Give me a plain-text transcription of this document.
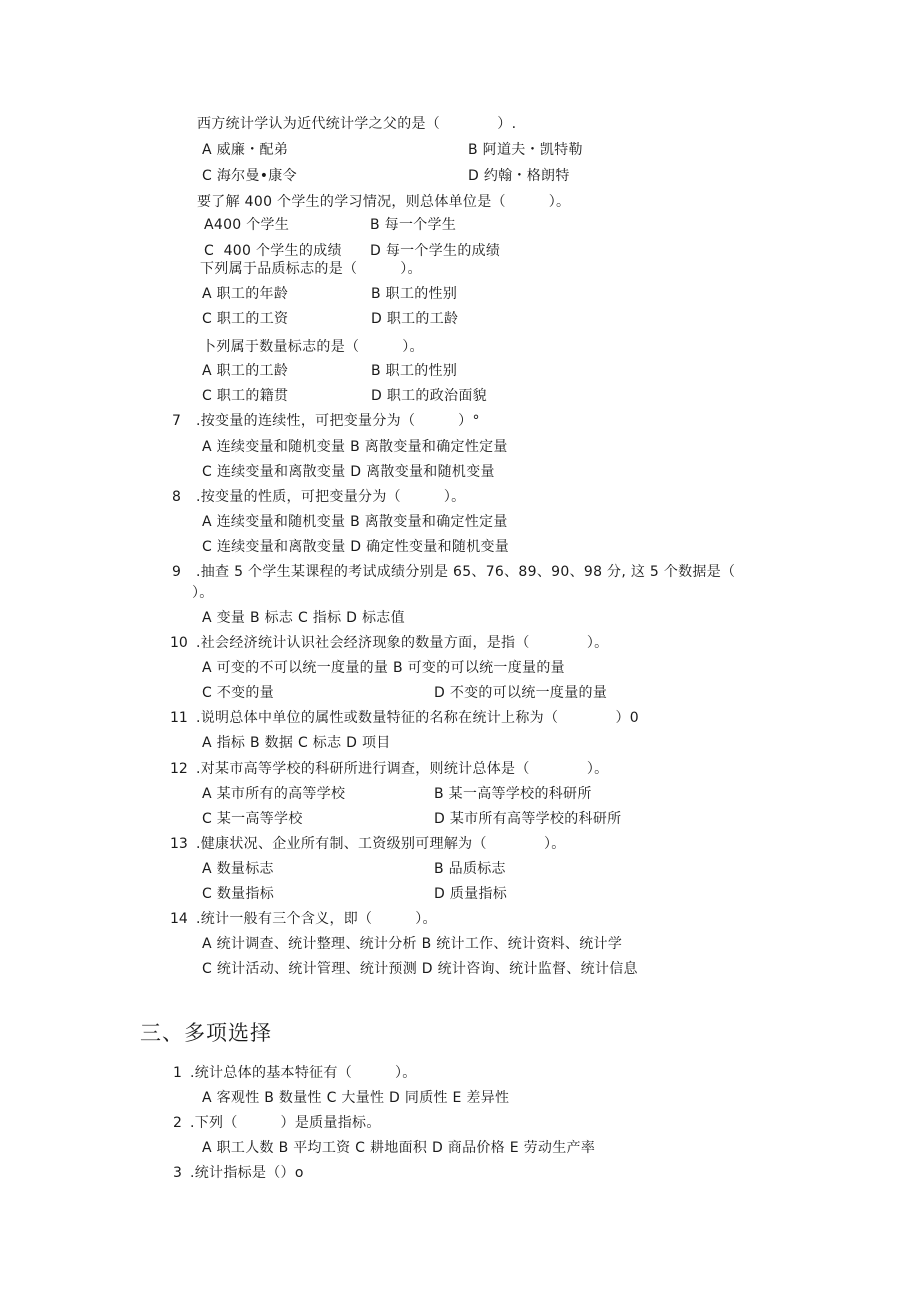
西方统计学认为近代统计学之父的是（　　　　）.
A 威廉・配弟	B 阿道夫・凯特勒
C 海尔曼•康令	D 约翰・格朗特
要了解 400 个学生的学习情况，则总体单位是（　　　）。
A400 个学生	B 每一个学生
C  400 个学生的成绩 D 每一个学生的成绩
下列属于品质标志的是（　　　）。
A 职工的年龄	B 职工的性别
C 职工的工资	D 职工的工龄
卜列属于数量标志的是（　　　）。
A 职工的工龄	B 职工的性别
C 职工的籍贯	D 职工的政治面貌
7 .按变量的连续性，可把变量分为（　　　）°
A 连续变量和随机变量 B 离散变量和确定性定量
C 连续变量和离散变量 D 离散变量和随机变量
8 .按变量的性质，可把变量分为（　　　）。
A 连续变量和随机变量 B 离散变量和确定性定量
C 连续变量和离散变量 D 确定性变量和随机变量
9 .抽查 5 个学生某课程的考试成绩分别是 65、76、89、90、98 分, 这 5 个数据是（
）。
A 变量 B 标志 C 指标 D 标志值
10 .社会经济统计认识社会经济现象的数量方面，是指（　　　　）。
A 可变的不可以统一度量的量 B 可变的可以统一度量的量
C 不变的量	D 不变的可以统一度量的量
11 .说明总体中单位的属性或数量特征的名称在统计上称为（　　　　）0
A 指标 B 数据 C 标志 D 项目
12 .对某市高等学校的科研所进行调查，则统计总体是（　　　　）。
A 某市所有的高等学校	B 某一高等学校的科研所
C 某一高等学校	D 某市所有高等学校的科研所
13 .健康状况、企业所有制、工资级别可理解为（　　　　）。
A 数量标志	B 品质标志
C 数量指标	D 质量指标
14 .统计一般有三个含义，即（　　　）。
A 统计调查、统计整理、统计分析 B 统计工作、统计资料、统计学
C 统计活动、统计管理、统计预测 D 统计咨询、统计监督、统计信息
三、多项选择
1 .统计总体的基本特征有（　　　）。
A 客观性 B 数量性 C 大量性 D 同质性 E 差异性
2 .下列（　　　）是质量指标。
A 职工人数 B 平均工资 C 耕地面积 D 商品价格 E 劳动生产率
3 .统计指标是（）o
